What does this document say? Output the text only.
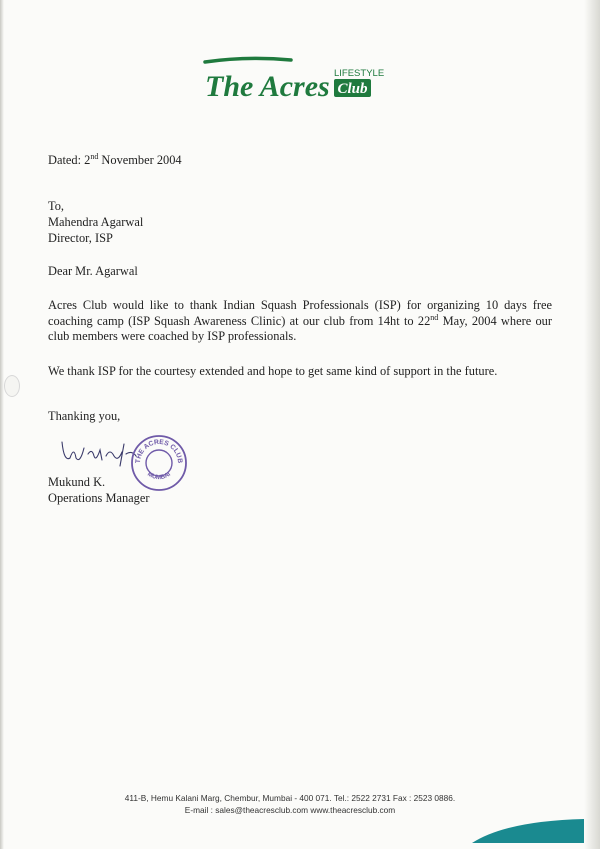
The Acres LIFESTYLE
Club
Dated: 2nd November 2004
To,
Mahendra Agarwal
Director, ISP
Dear Mr. Agarwal
Acres Club would like to thank Indian Squash Professionals (ISP) for organizing 10 days free coaching camp (ISP Squash Awareness Clinic) at our club from 14ht to 22nd May, 2004 where our club members were coached by ISP professionals.
We thank ISP for the courtesy extended and hope to get same kind of support in the future.
Thanking you,
Mukund
THE ACRES CLUB
MUMBAI
Mukund K.
Operations Manager
411-B, Hemu Kalani Marg, Chembur, Mumbai - 400 071. Tel.: 2522 2731 Fax : 2523 0886.
E-mail : sales@theacresclub.com www.theacresclub.com
